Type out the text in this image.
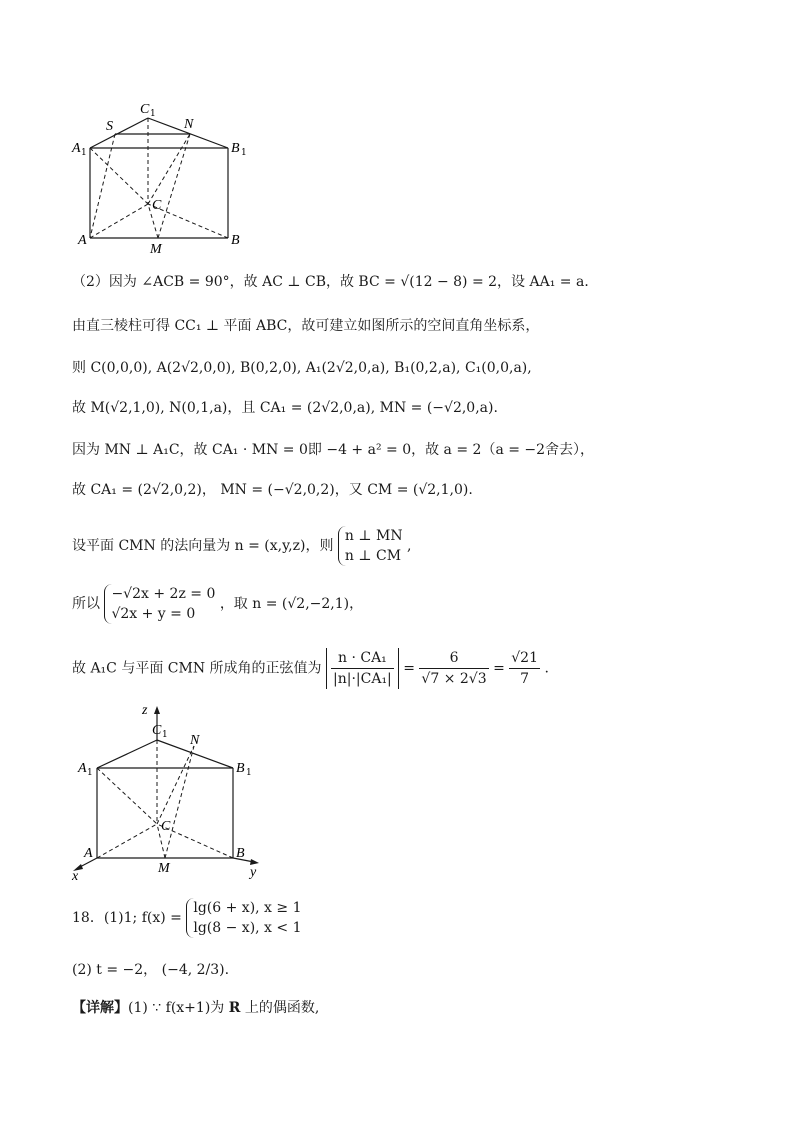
C 1
S	N
A 1	B 1
C
A
M
B
（2）因为 ∠ACB = 90°，故 AC ⊥ CB，故 BC = √(12 − 8) = 2，设 AA₁ = a．
由直三棱柱可得 CC₁ ⊥ 平面 ABC，故可建立如图所示的空间直角坐标系，
则 C(0,0,0), A(2√2,0,0), B(0,2,0), A₁(2√2,0,a), B₁(0,2,a), C₁(0,0,a),
故 M(√2,1,0), N(0,1,a)，且 CA₁ = (2√2,0,a), MN = (−√2,0,a).
因为 MN ⊥ A₁C，故 CA₁ · MN = 0即 −4 + a² = 0，故 a = 2（a = −2舍去），
故 CA₁ = (2√2,0,2)， MN = (−√2,0,2)，又 CM = (√2,1,0).
设平面 CMN 的法向量为 n = (x,y,z)，则
n ⊥ MN
n ⊥ CM
,
所以
−√2x + 2z = 0
√2x + y = 0
，取 n = (√2,−2,1)，
故 A₁C 与平面 CMN 所成角的正弦值为 $\frac{\text{n · CA₁}}{\text{|n|·|CA₁|}} = \frac{6}{√7 \times 2√3} = \frac{√21}{7}$ .
z
C 1 N
A 1	B 1
C
A
M
B
x	y
18．(1)1; f(x) =
lg(6 + x), x ≥ 1
lg(8 − x), x < 1
(2) t = −2， (−4, 2/3).
【详解】(1) ∵ f(x+1)为 R 上的偶函数,
